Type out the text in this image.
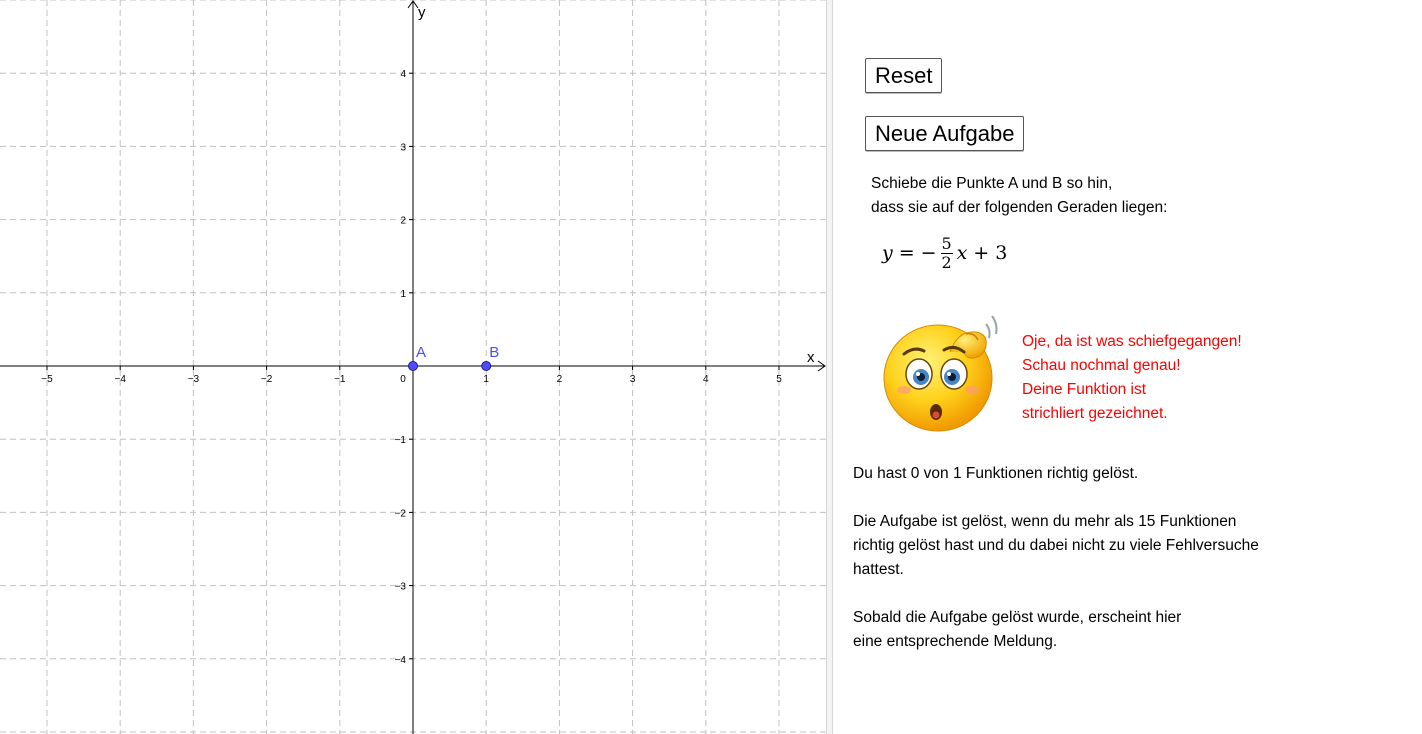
−5	−4	−3	−2	−1	0	1	2	3	4	5
4
3
2
1
−1
−2
−3
−4
x
y
A	B
Reset
Neue Aufgabe
Schiebe die Punkte A und B so hin,
dass sie auf der folgenden Geraden liegen:
y = − $\frac{5}{2}$ x + 3
Oje, da ist was schiefgegangen!
Schau nochmal genau!
Deine Funktion ist
strichliert gezeichnet.
Du hast 0 von 1 Funktionen richtig gelöst.
Die Aufgabe ist gelöst, wenn du mehr als 15 Funktionen
richtig gelöst hast und du dabei nicht zu viele Fehlversuche
hattest.
Sobald die Aufgabe gelöst wurde, erscheint hier
eine entsprechende Meldung.
